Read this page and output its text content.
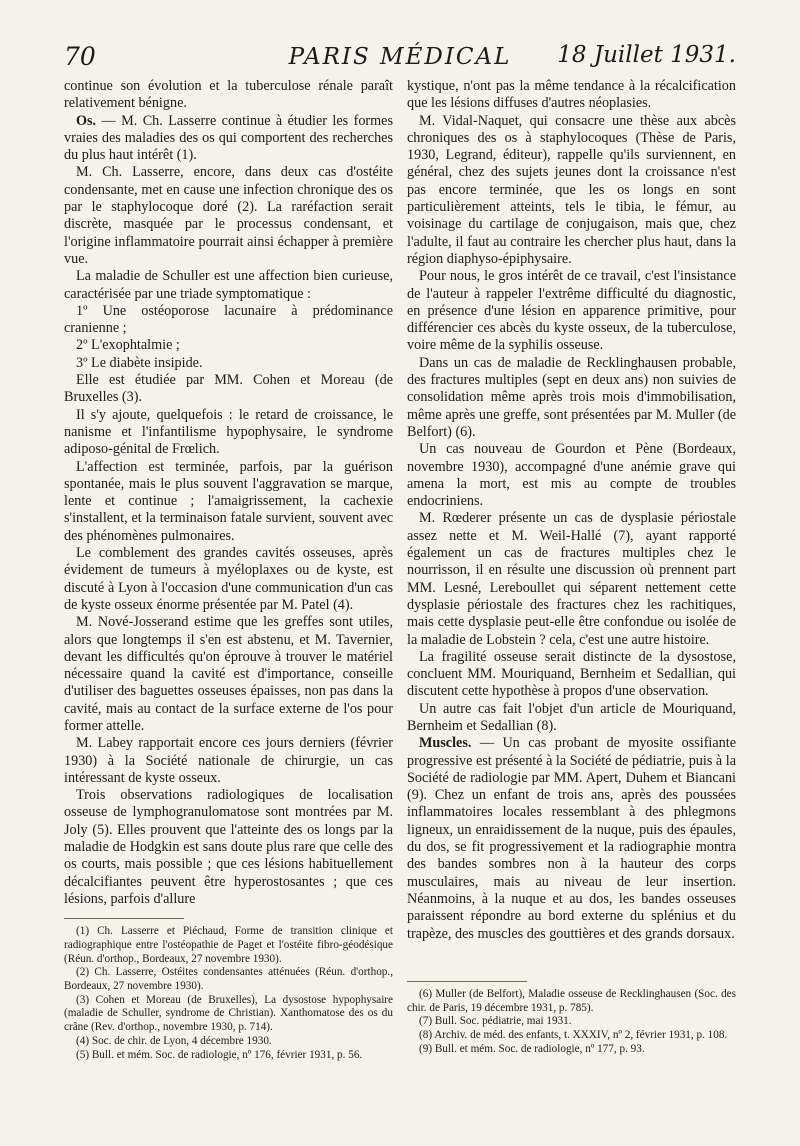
70	PARIS MÉDICAL	18 Juillet 1931.

continue son évolution et la tuberculose rénale paraît relativement bénigne.

Os. — M. Ch. Lasserre continue à étudier les formes vraies des maladies des os qui comportent des recherches du plus haut intérêt (1).

M. Ch. Lasserre, encore, dans deux cas d'ostéite condensante, met en cause une infection chronique des os par le staphylocoque doré (2). La raréfaction serait discrète, masquée par le processus condensant, et l'origine inflammatoire pourrait ainsi échapper à première vue.

La maladie de Schuller est une affection bien curieuse, caractérisée par une triade symptomatique :

1º Une ostéoporose lacunaire à prédominance cranienne ;

2º L'exophtalmie ;

3º Le diabète insipide.

Elle est étudiée par MM. Cohen et Moreau (de Bruxelles (3).

Il s'y ajoute, quelquefois : le retard de croissance, le nanisme et l'infantilisme hypophysaire, le syndrome adiposo-génital de Frœlich.

L'affection est terminée, parfois, par la guérison spontanée, mais le plus souvent l'aggravation se marque, lente et continue ; l'amaigrissement, la cachexie s'installent, et la terminaison fatale survient, souvent avec des phénomènes pulmonaires.

Le comblement des grandes cavités osseuses, après évidement de tumeurs à myéloplaxes ou de kyste, est discuté à Lyon à l'occasion d'une communication d'un cas de kyste osseux énorme présentée par M. Patel (4).

M. Nové-Josserand estime que les greffes sont utiles, alors que longtemps il s'en est abstenu, et M. Tavernier, devant les difficultés qu'on éprouve à trouver le matériel nécessaire quand la cavité est d'importance, conseille d'utiliser des baguettes osseuses épaisses, non pas dans la cavité, mais au contact de la surface externe de l'os pour former attelle.

M. Labey rapportait encore ces jours derniers (février 1930) à la Société nationale de chirurgie, un cas intéressant de kyste osseux.

Trois observations radiologiques de localisation osseuse de lymphogranulomatose sont montrées par M. Joly (5). Elles prouvent que l'atteinte des os longs par la maladie de Hodgkin est sans doute plus rare que celle des os courts, mais possible ; que ces lésions habituellement décalcifiantes peuvent être hyperostosantes ; que ces lésions, parfois d'allure

(1) Ch. Lasserre et Piéchaud, Forme de transition clinique et radiographique entre l'ostéopathie de Paget et l'ostéite fibro-géodésique (Réun. d'orthop., Bordeaux, 27 novembre 1930).

(2) Ch. Lasserre, Ostéites condensantes atténuées (Réun. d'orthop., Bordeaux, 27 novembre 1930).

(3) Cohen et Moreau (de Bruxelles), La dysostose hypophysaire (maladie de Schuller, syndrome de Christian). Xanthomatose des os du crâne (Rev. d'orthop., novembre 1930, p. 714).

(4) Soc. de chir. de Lyon, 4 décembre 1930.

(5) Bull. et mém. Soc. de radiologie, nº 176, février 1931, p. 56.

kystique, n'ont pas la même tendance à la récalcification que les lésions diffuses d'autres néoplasies.

M. Vidal-Naquet, qui consacre une thèse aux abcès chroniques des os à staphylocoques (Thèse de Paris, 1930, Legrand, éditeur), rappelle qu'ils surviennent, en général, chez des sujets jeunes dont la croissance n'est pas encore terminée, que les os longs en sont particulièrement atteints, tels le tibia, le fémur, au voisinage du cartilage de conjugaison, mais que, chez l'adulte, il faut au contraire les chercher plus haut, dans la région diaphyso-épiphysaire.

Pour nous, le gros intérêt de ce travail, c'est l'insistance de l'auteur à rappeler l'extrême difficulté du diagnostic, en présence d'une lésion en apparence primitive, pour différencier ces abcès du kyste osseux, de la tuberculose, voire même de la syphilis osseuse.

Dans un cas de maladie de Recklinghausen probable, des fractures multiples (sept en deux ans) non suivies de consolidation même après trois mois d'immobilisation, même après une greffe, sont présentées par M. Muller (de Belfort) (6).

Un cas nouveau de Gourdon et Pène (Bordeaux, novembre 1930), accompagné d'une anémie grave qui amena la mort, est mis au compte de troubles endocriniens.

M. Rœderer présente un cas de dysplasie périostale assez nette et M. Weil-Hallé (7), ayant rapporté également un cas de fractures multiples chez le nourrisson, il en résulte une discussion où prennent part MM. Lesné, Lereboullet qui séparent nettement cette dysplasie périostale des fractures chez les rachitiques, mais cette dysplasie peut-elle être confondue ou isolée de la maladie de Lobstein ? cela, c'est une autre histoire.

La fragilité osseuse serait distincte de la dysostose, concluent MM. Mouriquand, Bernheim et Sedallian, qui discutent cette hypothèse à propos d'une observation.

Un autre cas fait l'objet d'un article de Mouriquand, Bernheim et Sedallian (8).

Muscles. — Un cas probant de myosite ossifiante progressive est présenté à la Société de pédiatrie, puis à la Société de radiologie par MM. Apert, Duhem et Biancani (9). Chez un enfant de trois ans, après des poussées inflammatoires locales ressemblant à des phlegmons ligneux, un enraidissement de la nuque, puis des épaules, du dos, se fit progressivement et la radiographie montra des bandes sombres non à la hauteur des corps musculaires, mais au niveau de leur insertion. Néanmoins, à la nuque et au dos, les bandes osseuses paraissent répondre au bord externe du splénius et du trapèze, des muscles des gouttières et des grands dorsaux.

(6) Muller (de Belfort), Maladie osseuse de Recklinghausen (Soc. des chir. de Paris, 19 décembre 1931, p. 785).

(7) Bull. Soc. pédiatrie, mai 1931.

(8) Archiv. de méd. des enfants, t. XXXIV, nº 2, février 1931, p. 108.

(9) Bull. et mém. Soc. de radiologie, nº 177, p. 93.
